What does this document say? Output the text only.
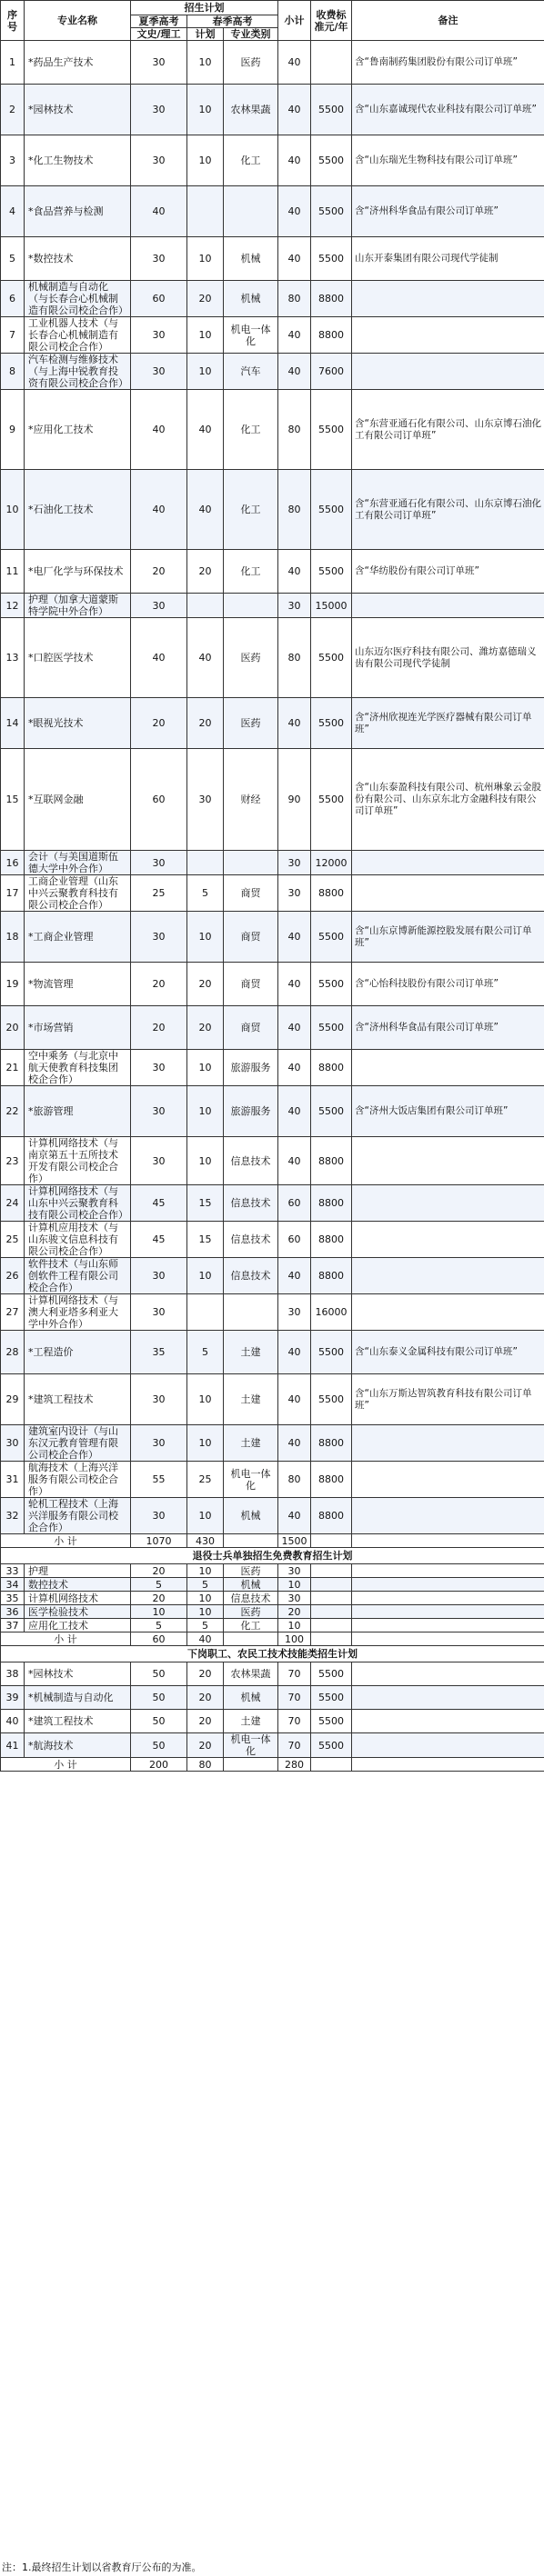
序号	专业名称	招生计划			小计	收费标准元/年	备注
		夏季高考	春季高考				
		文史/理工	计划	专业类别			
1	*药品生产技术	30	10	医药	40		含“鲁南制药集团股份有限公司订单班”
2	*园林技术	30	10	农林果蔬	40	5500	含“山东嘉诚现代农业科技有限公司订单班”
3	*化工生物技术	30	10	化工	40	5500	含“山东瑞光生物科技有限公司订单班”
4	*食品营养与检测	40			40	5500	含“济州科华食品有限公司订单班”
5	*数控技术	30	10	机械	40	5500	山东开泰集团有限公司现代学徒制
6	机械制造与自动化（与长春合心机械制造有限公司校企合作）	60	20	机械	80	8800	
7	工业机器人技术（与长春合心机械制造有限公司校企合作）	30	10	机电一体化	40	8800	
8	汽车检测与维修技术（与上海中锐教育投资有限公司校企合作）	30	10	汽车	40	7600	
9	*应用化工技术	40	40	化工	80	5500	含“东营亚通石化有限公司、山东京博石油化工有限公司订单班”
10	*石油化工技术	40	40	化工	80	5500	含“东营亚通石化有限公司、山东京博石油化工有限公司订单班”
11	*电厂化学与环保技术	20	20	化工	40	5500	含“华纺股份有限公司订单班”
12	护理（加拿大道蒙斯特学院中外合作）	30			30	15000	
13	*口腔医学技术	40	40	医药	80	5500	山东迈尔医疗科技有限公司、潍坊嘉德瑞义齿有限公司现代学徒制
14	*眼视光技术	20	20	医药	40	5500	含“济州欣视连光学医疗器械有限公司订单班”
15	*互联网金融	60	30	财经	90	5500	含“山东泰盈科技有限公司、杭州琳象云金股份有限公司、山东京东北方金融科技有限公司订单班”
16	会计（与美国道斯伍德大学中外合作）	30			30	12000	
17	工商企业管理（山东中兴云聚教育科技有限公司校企合作）	25	5	商贸	30	8800	
18	*工商企业管理	30	10	商贸	40	5500	含“山东京博新能源控股发展有限公司订单班”
19	*物流管理	20	20	商贸	40	5500	含“心怡科技股份有限公司订单班”
20	*市场营销	20	20	商贸	40	5500	含“济州科华食品有限公司订单班”
21	空中乘务（与北京中航天使教育科技集团校企合作）	30	10	旅游服务	40	8800	
22	*旅游管理	30	10	旅游服务	40	5500	含“济州大饭店集团有限公司订单班”
23	计算机网络技术（与南京第五十五所技术开发有限公司校企合作）	30	10	信息技术	40	8800	
24	计算机网络技术（与山东中兴云聚教育科技有限公司校企合作）	45	15	信息技术	60	8800	
25	计算机应用技术（与山东骏文信息科技有限公司校企合作）	45	15	信息技术	60	8800	
26	软件技术（与山东师创软件工程有限公司校企合作）	30	10	信息技术	40	8800	
27	计算机网络技术（与澳大利亚塔多利亚大学中外合作）	30			30	16000	
28	*工程造价	35	5	土建	40	5500	含“山东泰义金属科技有限公司订单班”
29	*建筑工程技术	30	10	土建	40	5500	含“山东万斯达智筑教育科技有限公司订单班”
30	建筑室内设计（与山东汉元教育管理有限公司校企合作）	30	10	土建	40	8800	
31	航海技术（上海兴洋服务有限公司校企合作）	55	25	机电一体化	80	8800	
32	轮机工程技术（上海兴洋服务有限公司校企合作）	30	10	机械	40	8800	
小 计		1070	430		1500		
退役士兵单独招生免费教育招生计划							
33	护理	20	10	医药	30		
34	数控技术	5	5	机械	10		
35	计算机网络技术	20	10	信息技术	30		
36	医学检验技术	10	10	医药	20		
37	应用化工技术	5	5	化工	10		
小 计		60	40		100		
下岗职工、农民工技术技能类招生计划							
38	*园林技术	50	20	农林果蔬	70	5500	
39	*机械制造与自动化	50	20	机械	70	5500	
40	*建筑工程技术	50	20	土建	70	5500	
41	*航海技术	50	20	机电一体化	70	5500	
小 计		200	80		280		
注：1.最终招生计划以省教育厅公布的为准。
